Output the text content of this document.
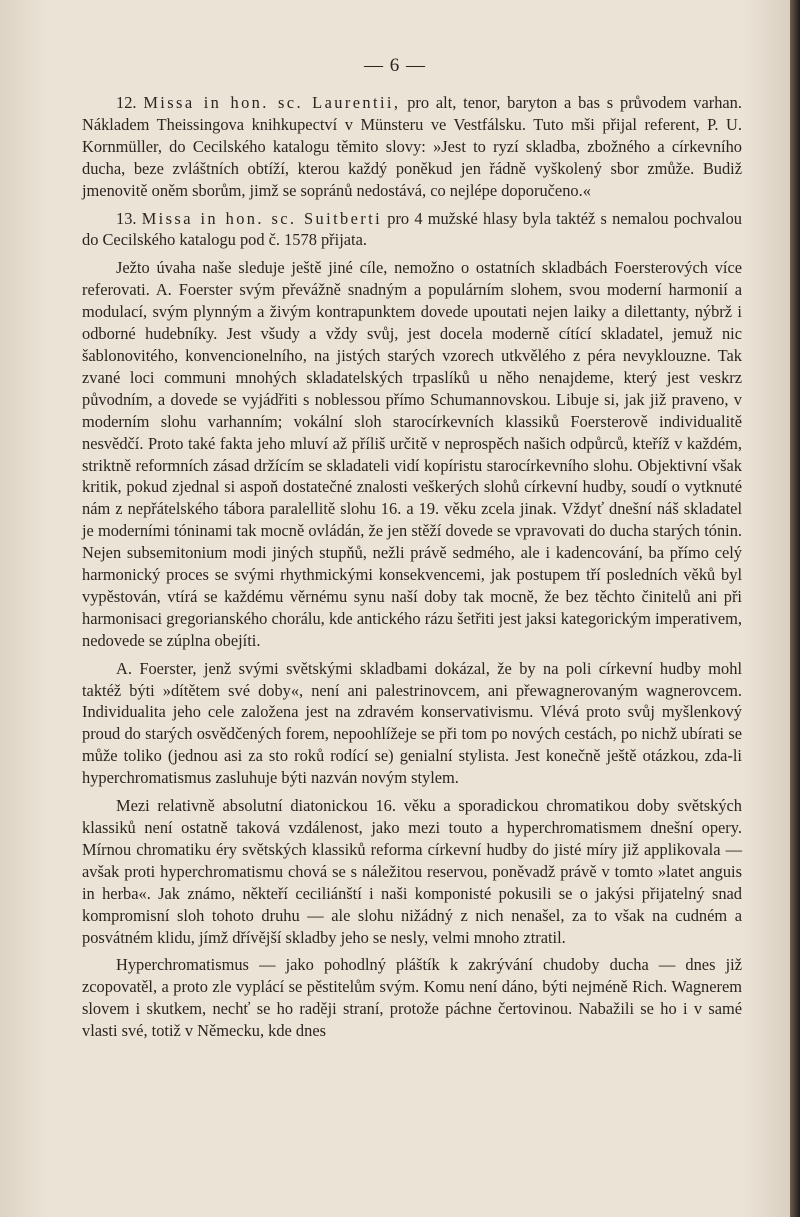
— 6 —

12. Missa in hon. sc. Laurentii, pro alt, tenor, baryton a bas s průvodem varhan. Nákladem Theissingova knihkupectví v Münsteru ve Vestfálsku. Tuto mši přijal referent, P. U. Kornmüller, do Cecilského katalogu těmito slovy: »Jest to ryzí skladba, zbožného a církevního ducha, beze zvláštních obtíží, kterou každý poněkud jen řádně vyškolený sbor zmůže. Budiž jmenovitě oněm sborům, jimž se sopránů nedostává, co nejlépe doporučeno.«

13. Missa in hon. sc. Suitberti pro 4 mužské hlasy byla taktéž s nemalou pochvalou do Cecilského katalogu pod č. 1578 přijata.

Ježto úvaha naše sleduje ještě jiné cíle, nemožno o ostatních skladbách Foersterových více referovati. A. Foerster svým převážně snadným a populárním slohem, svou moderní harmonií a modulací, svým plynným a živým kontrapunktem dovede upoutati nejen laiky a dilettanty, nýbrž i odborné hudebníky. Jest všudy a vždy svůj, jest docela moderně cítící skladatel, jemuž nic šablonovitého, konvencionelního, na jistých starých vzorech utkvělého z péra nevyklouzne. Tak zvané loci communi mnohých skladatelských trpaslíků u něho nenajdeme, který jest veskrz původním, a dovede se vyjádřiti s noblessou přímo Schumannovskou. Libuje si, jak již praveno, v moderním slohu varhanním; vokální sloh starocírkevních klassiků Foersterově individualitě nesvědčí. Proto také fakta jeho mluví až příliš určitě v neprospěch našich odpůrců, kteříž v každém, striktně reformních zásad držícím se skladateli vidí kopíristu starocírkevního slohu. Objektivní však kritik, pokud zjednal si aspoň dostatečné znalosti veškerých slohů církevní hudby, soudí o vytknuté nám z nepřátelského tábora paralellitě slohu 16. a 19. věku zcela jinak. Vždyť dnešní náš skladatel je moderními tóninami tak mocně ovládán, že jen stěží dovede se vpravovati do ducha starých tónin. Nejen subsemitonium modi jiných stupňů, nežli právě sedmého, ale i kadencování, ba přímo celý harmonický proces se svými rhythmickými konsekvencemi, jak postupem tří posledních věků byl vypěstován, vtírá se každému věrnému synu naší doby tak mocně, že bez těchto činitelů ani při harmonisaci gregorianského chorálu, kde antického rázu šetřiti jest jaksi kategorickým imperativem, nedovede se zúplna obejíti.

A. Foerster, jenž svými světskými skladbami dokázal, že by na poli církevní hudby mohl taktéž býti »dítětem své doby«, není ani palestrinovcem, ani přewagnerovaným wagnerovcem. Individualita jeho cele založena jest na zdravém konservativismu. Vlévá proto svůj myšlenkový proud do starých osvědčených forem, nepoohlížeje se při tom po nových cestách, po nichž ubírati se může toliko (jednou asi za sto roků rodící se) genialní stylista. Jest konečně ještě otázkou, zda-li hyperchromatismus zasluhuje býti nazván novým stylem.

Mezi relativně absolutní diatonickou 16. věku a sporadickou chromatikou doby světských klassiků není ostatně taková vzdálenost, jako mezi touto a hyperchromatismem dnešní opery. Mírnou chromatiku éry světských klassiků reforma církevní hudby do jisté míry již applikovala — avšak proti hyperchromatismu chová se s náležitou reservou, poněvadž právě v tomto »latet anguis in herba«. Jak známo, někteří ceciliánští i naši komponisté pokusili se o jakýsi přijatelný snad kompromisní sloh tohoto druhu — ale slohu nižádný z nich nenašel, za to však na cudném a posvátném klidu, jímž dřívější skladby jeho se nesly, velmi mnoho ztratil.

Hyperchromatismus — jako pohodlný pláštík k zakrývání chudoby ducha — dnes již zcopovatěl, a proto zle vyplácí se pěstitelům svým. Komu není dáno, býti nejméně Rich. Wagnerem slovem i skutkem, nechť se ho raději straní, protože páchne čertovinou. Nabažili se ho i v samé vlasti své, totiž v Německu, kde dnes
